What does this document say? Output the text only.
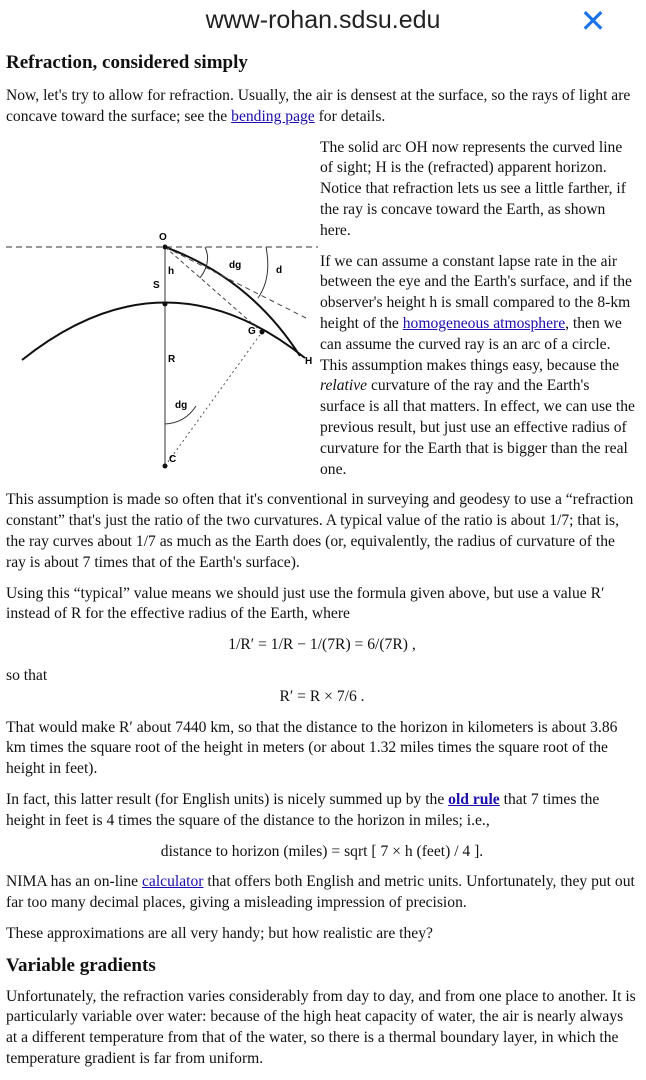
www-rohan.sdsu.edu	✕
Refraction, considered simply

Now, let's try to allow for refraction. Usually, the air is densest at the surface, so the rays of light are concave toward the surface; see the bending page for details.

O
h
S
dg	d
G
R	H
dg
C

The solid arc OH now represents the curved line of sight; H is the (refracted) apparent horizon. Notice that refraction lets us see a little farther, if the ray is concave toward the Earth, as shown here.

If we can assume a constant lapse rate in the air between the eye and the Earth's surface, and if the observer's height h is small compared to the 8-km height of the homogeneous atmosphere, then we can assume the curved ray is an arc of a circle. This assumption makes things easy, because the relative curvature of the ray and the Earth's surface is all that matters. In effect, we can use the previous result, but just use an effective radius of curvature for the Earth that is bigger than the real one.

This assumption is made so often that it's conventional in surveying and geodesy to use a “refraction constant” that's just the ratio of the two curvatures. A typical value of the ratio is about 1/7; that is, the ray curves about 1/7 as much as the Earth does (or, equivalently, the radius of curvature of the ray is about 7 times that of the Earth's surface).

Using this “typical” value means we should just use the formula given above, but use a value R′ instead of R for the effective radius of the Earth, where

1/R′ = 1/R − 1/(7R) = 6/(7R) ,

so that

R′ = R × 7/6 .

That would make R′ about 7440 km, so that the distance to the horizon in kilometers is about 3.86 km times the square root of the height in meters (or about 1.32 miles times the square root of the height in feet).

In fact, this latter result (for English units) is nicely summed up by the old rule that 7 times the height in feet is 4 times the square of the distance to the horizon in miles; i.e.,

distance to horizon (miles) = sqrt [ 7 × h (feet) / 4 ].

NIMA has an on-line calculator that offers both English and metric units. Unfortunately, they put out far too many decimal places, giving a misleading impression of precision.

These approximations are all very handy; but how realistic are they?

Variable gradients

Unfortunately, the refraction varies considerably from day to day, and from one place to another. It is particularly variable over water: because of the high heat capacity of water, the air is nearly always at a different temperature from that of the water, so there is a thermal boundary layer, in which the temperature gradient is far from uniform.
